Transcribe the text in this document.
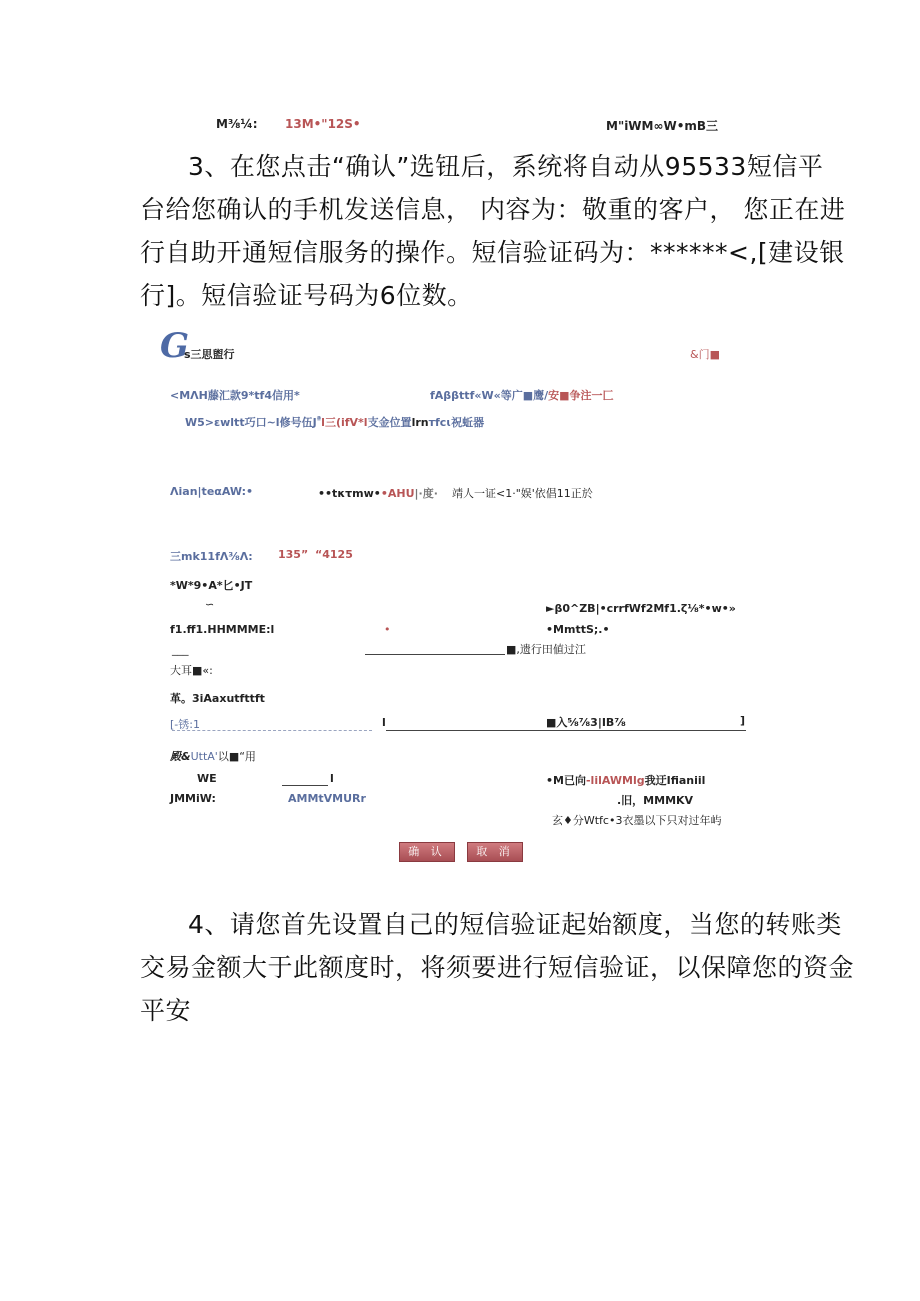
M⅜¼: 13M•"12S•	M"iWM∞W•mB三

3、在您点击“确认”选钮后，系统将自动从95533短信平

台给您确认的手机发送信息， 内容为：敬重的客户， 您正在进

行自助开通短信服务的操作。短信验证码为：******<,[建设银

行]。短信验证号码为6位数。

G
s三思盥行	&门■
<MΛH藤汇款9*tf4信用*	fAββttf«W«等广■鹰/安■争注一匚
W5>ɛwltt巧口~l修号伍$J^ªl$三(ifV*l支金位置lrnᴛfcɩ祝蚯器
Λian|teαAW:•	••tκτmw••AHU|·度· 靖人一证<1·"娱'依倡11正於
三mk11fΛ⅜Λ: 135” “4125
*W*9•A*匕•JT
∽	►β0^ZB|•crrfWf2Mf1.ζ⅛*•w•»
f1.ff1.HHMMME:l	•	•MmttS;.•
___	■,遗行田値过江
大耳■«:
革。3iAaxutfttft
[-锈:1	l	■入⅝⅞3|IB⅞	]
殿&UttA'以■“用
WE	l	•M已向-lilAWMlg我迂Ifianiil
JMMiW:	AMMtVMURr	.旧，MMMKV
玄♦分Wtfc•3衣墨以下只对过年屿
确 认	取 消

4、请您首先设置自己的短信验证起始额度，当您的转账类

交易金额大于此额度时，将须要进行短信验证，以保障您的资金

平安
